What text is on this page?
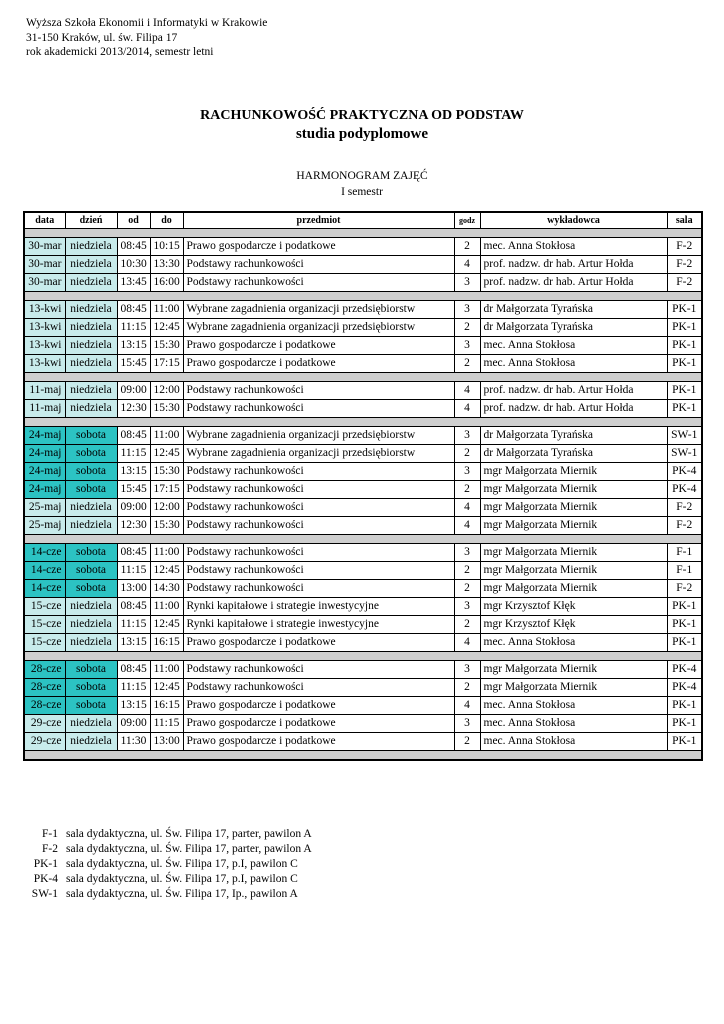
Wyższa Szkoła Ekonomii i Informatyki w Krakowie
31-150 Kraków, ul. św. Filipa 17
rok akademicki 2013/2014, semestr letni
RACHUNKOWOŚĆ PRAKTYCZNA OD PODSTAW
studia podyplomowe
HARMONOGRAM ZAJĘĆ
I semestr
data	dzień	od	do	przedmiot	godz	wykładowca	sala

30-mar	niedziela	08:45	10:15	Prawo gospodarcze i podatkowe	2	mec. Anna Stokłosa	F-2
30-mar	niedziela	10:30	13:30	Podstawy rachunkowości	4	prof. nadzw. dr hab. Artur Hołda	F-2
30-mar	niedziela	13:45	16:00	Podstawy rachunkowości	3	prof. nadzw. dr hab. Artur Hołda	F-2

13-kwi	niedziela	08:45	11:00	Wybrane zagadnienia organizacji przedsiębiorstw	3	dr Małgorzata Tyrańska	PK-1
13-kwi	niedziela	11:15	12:45	Wybrane zagadnienia organizacji przedsiębiorstw	2	dr Małgorzata Tyrańska	PK-1
13-kwi	niedziela	13:15	15:30	Prawo gospodarcze i podatkowe	3	mec. Anna Stokłosa	PK-1
13-kwi	niedziela	15:45	17:15	Prawo gospodarcze i podatkowe	2	mec. Anna Stokłosa	PK-1

11-maj	niedziela	09:00	12:00	Podstawy rachunkowości	4	prof. nadzw. dr hab. Artur Hołda	PK-1
11-maj	niedziela	12:30	15:30	Podstawy rachunkowości	4	prof. nadzw. dr hab. Artur Hołda	PK-1

24-maj	sobota	08:45	11:00	Wybrane zagadnienia organizacji przedsiębiorstw	3	dr Małgorzata Tyrańska	SW-1
24-maj	sobota	11:15	12:45	Wybrane zagadnienia organizacji przedsiębiorstw	2	dr Małgorzata Tyrańska	SW-1
24-maj	sobota	13:15	15:30	Podstawy rachunkowości	3	mgr Małgorzata Miernik	PK-4
24-maj	sobota	15:45	17:15	Podstawy rachunkowości	2	mgr Małgorzata Miernik	PK-4
25-maj	niedziela	09:00	12:00	Podstawy rachunkowości	4	mgr Małgorzata Miernik	F-2
25-maj	niedziela	12:30	15:30	Podstawy rachunkowości	4	mgr Małgorzata Miernik	F-2

14-cze	sobota	08:45	11:00	Podstawy rachunkowości	3	mgr Małgorzata Miernik	F-1
14-cze	sobota	11:15	12:45	Podstawy rachunkowości	2	mgr Małgorzata Miernik	F-1
14-cze	sobota	13:00	14:30	Podstawy rachunkowości	2	mgr Małgorzata Miernik	F-2
15-cze	niedziela	08:45	11:00	Rynki kapitałowe i strategie inwestycyjne	3	mgr Krzysztof Kłęk	PK-1
15-cze	niedziela	11:15	12:45	Rynki kapitałowe i strategie inwestycyjne	2	mgr Krzysztof Kłęk	PK-1
15-cze	niedziela	13:15	16:15	Prawo gospodarcze i podatkowe	4	mec. Anna Stokłosa	PK-1

28-cze	sobota	08:45	11:00	Podstawy rachunkowości	3	mgr Małgorzata Miernik	PK-4
28-cze	sobota	11:15	12:45	Podstawy rachunkowości	2	mgr Małgorzata Miernik	PK-4
28-cze	sobota	13:15	16:15	Prawo gospodarcze i podatkowe	4	mec. Anna Stokłosa	PK-1
29-cze	niedziela	09:00	11:15	Prawo gospodarcze i podatkowe	3	mec. Anna Stokłosa	PK-1
29-cze	niedziela	11:30	13:00	Prawo gospodarcze i podatkowe	2	mec. Anna Stokłosa	PK-1

F-1 sala dydaktyczna, ul. Św. Filipa 17, parter, pawilon A
F-2 sala dydaktyczna, ul. Św. Filipa 17, parter, pawilon A
PK-1 sala dydaktyczna, ul. Św. Filipa 17, p.I, pawilon C
PK-4 sala dydaktyczna, ul. Św. Filipa 17, p.I, pawilon C
SW-1 sala dydaktyczna, ul. Św. Filipa 17, Ip., pawilon A
